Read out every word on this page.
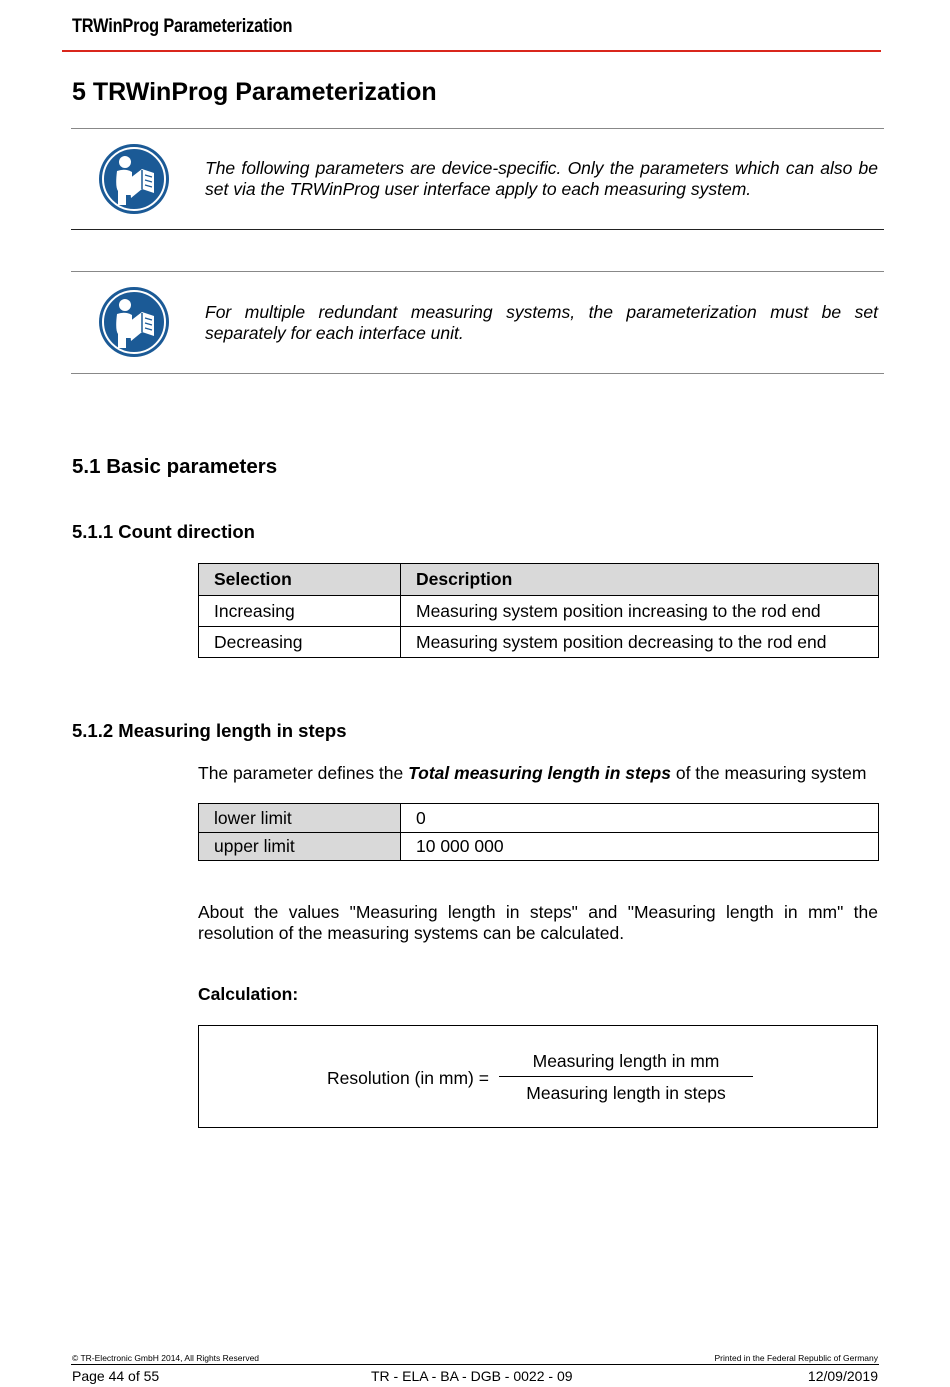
TRWinProg Parameterization
5 TRWinProg Parameterization
The following parameters are device-specific. Only the parameters which can also be set via the TRWinProg user interface apply to each measuring system.
For multiple redundant measuring systems, the parameterization must be set separately for each interface unit.
5.1 Basic parameters
5.1.1 Count direction
Selection	Description
Increasing	Measuring system position increasing to the rod end
Decreasing	Measuring system position decreasing to the rod end
5.1.2 Measuring length in steps
The parameter defines the Total measuring length in steps of the measuring system
lower limit	0
upper limit	10 000 000
About the values "Measuring length in steps" and "Measuring length in mm" the resolution of the measuring systems can be calculated.
Calculation:
Resolution (in mm) =
Measuring length in mm
Measuring length in steps
© TR-Electronic GmbH 2014, All Rights Reserved	Printed in the Federal Republic of Germany
Page 44 of 55	TR - ELA - BA - DGB - 0022 - 09	12/09/2019
